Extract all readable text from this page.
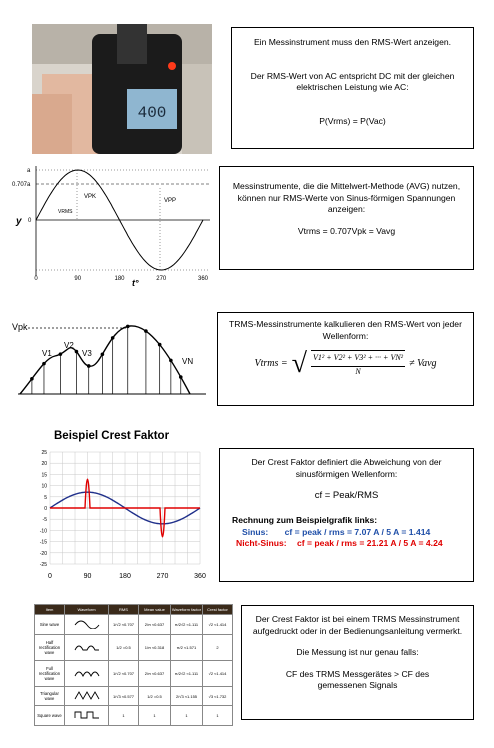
400

Ein Messinstrument muss den RMS-Wert anzeigen.

Der RMS-Wert von AC entspricht DC mit der gleichen elektrischen Leistung wie AC:

P(Vrms) = P(Vac)

a
0.707a
0
y
VPK
VRMS
VPP
t°
0	90	180	270	360

Messinstrumente, die die Mittelwert-Methode (AVG) nutzen, können nur RMS-Werte von Sinus-förmigen Spannungen anzeigen:

Vtrms = 0.707Vpk = Vavg

Vpk
V1
V2
V3
VN

TRMS-Messinstrumente kalkulieren den RMS-Wert von jeder Wellenform:

Vtrms = √ $\frac{\text{V1² + V2² + V3² + ··· + VN²}}{N}$ ≠ Vavg
Beispiel Crest Faktor
25
20
15
10
5
0
-5
-10
-15
-20
-25
0	90	180	270	360

Der Crest Faktor definiert die Abweichung von der sinusförmigen Wellenform:

cf = Peak/RMS

Rechnung zum Beispielgrafik links:

Sinus: cf = peak / rms = 7.07 A / 5 A = 1.414

Nicht-Sinus: cf = peak / rms = 21.21 A / 5 A = 4.24

Item	Waveform	RMS	Mean value	Waveform factor	Crest factor
Sine wave		1/√2 ≈0.707	2/π ≈0.637	π/2√2 ≈1.111	√2 ≈1.414
Half rectification wave		1/2 =0.5	1/π ≈0.318	π/2 ≈1.571	2
Full rectification wave		1/√2 ≈0.707	2/π ≈0.637	π/2√2 ≈1.111	√2 ≈1.414
Triangular wave		1/√3 ≈0.577	1/2 =0.5	2/√3 ≈1.155	√3 ≈1.732
Square wave		1	1	1	1

Der Crest Faktor ist bei einem TRMS Messinstrument aufgedruckt oder in der Bedienungsanleitung vermerkt.

Die Messung ist nur genau falls:

CF des TRMS Messgerätes > CF des gemessenen Signals
